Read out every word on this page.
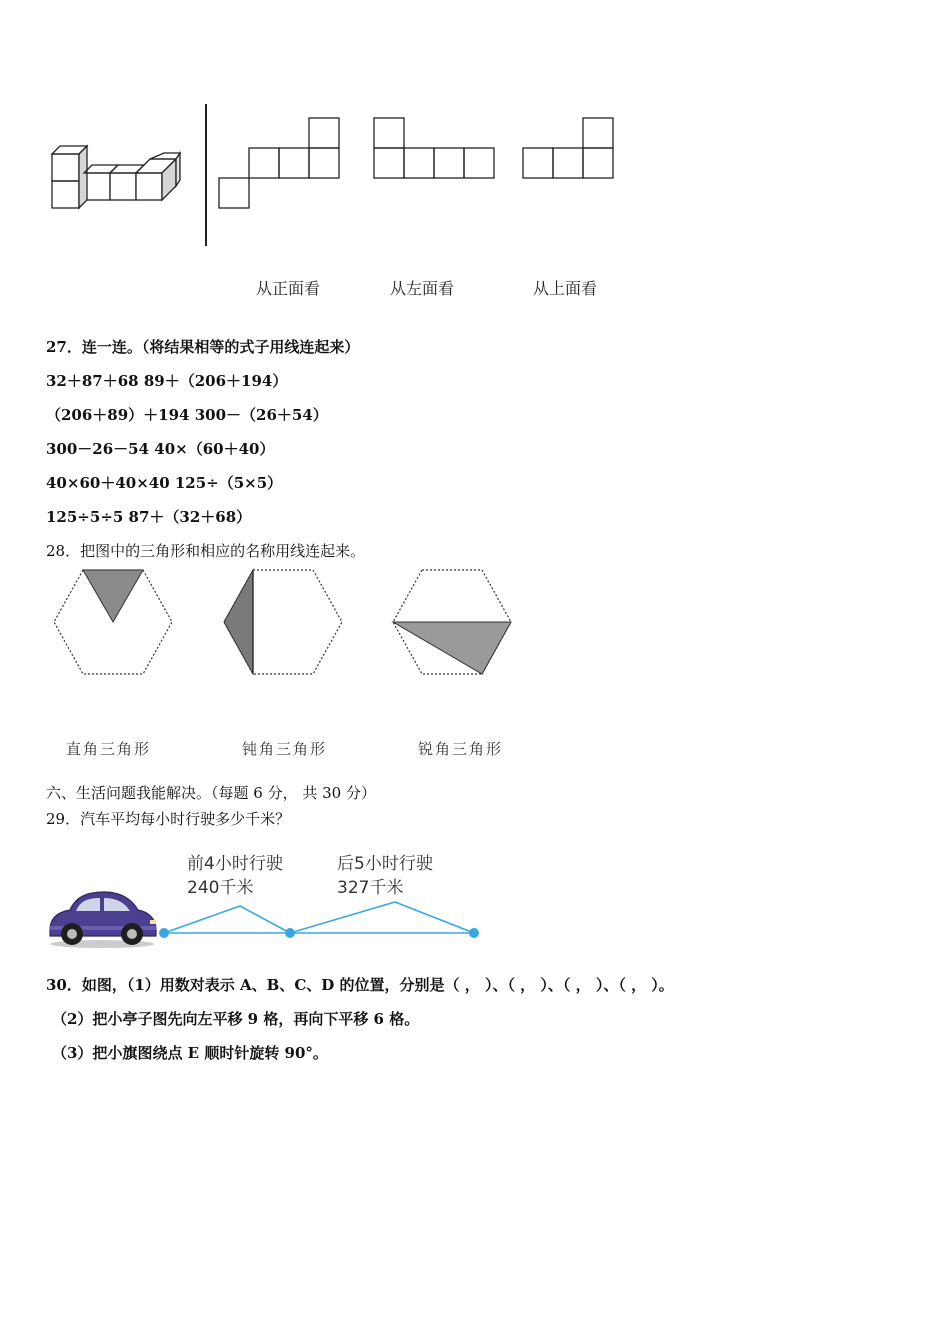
从正面看	从左面看	从上面看
27．连一连。（将结果相等的式子用线连起来）
32＋87＋68 89＋（206＋194）
（206＋89）＋194 300－（26＋54）
300－26－54 40×（60＋40）
40×60＋40×40 125÷（5×5）
125÷5÷5 87＋（32＋68）
28．把图中的三角形和相应的名称用线连起来。
直角三角形	钝角三角形	锐角三角形
六、生活问题我能解决。（每题 6 分， 共 30 分）
29．汽车平均每小时行驶多少千米？
前4小时行驶
240千米
后5小时行驶
327千米
30．如图，（1）用数对表示 A、B、C、D 的位置，分别是（ ， ）、（ ， ）、（ ， ）、（ ， ）。
（2）把小亭子图先向左平移 9 格，再向下平移 6 格。
（3）把小旗图绕点 E 顺时针旋转 90°。
